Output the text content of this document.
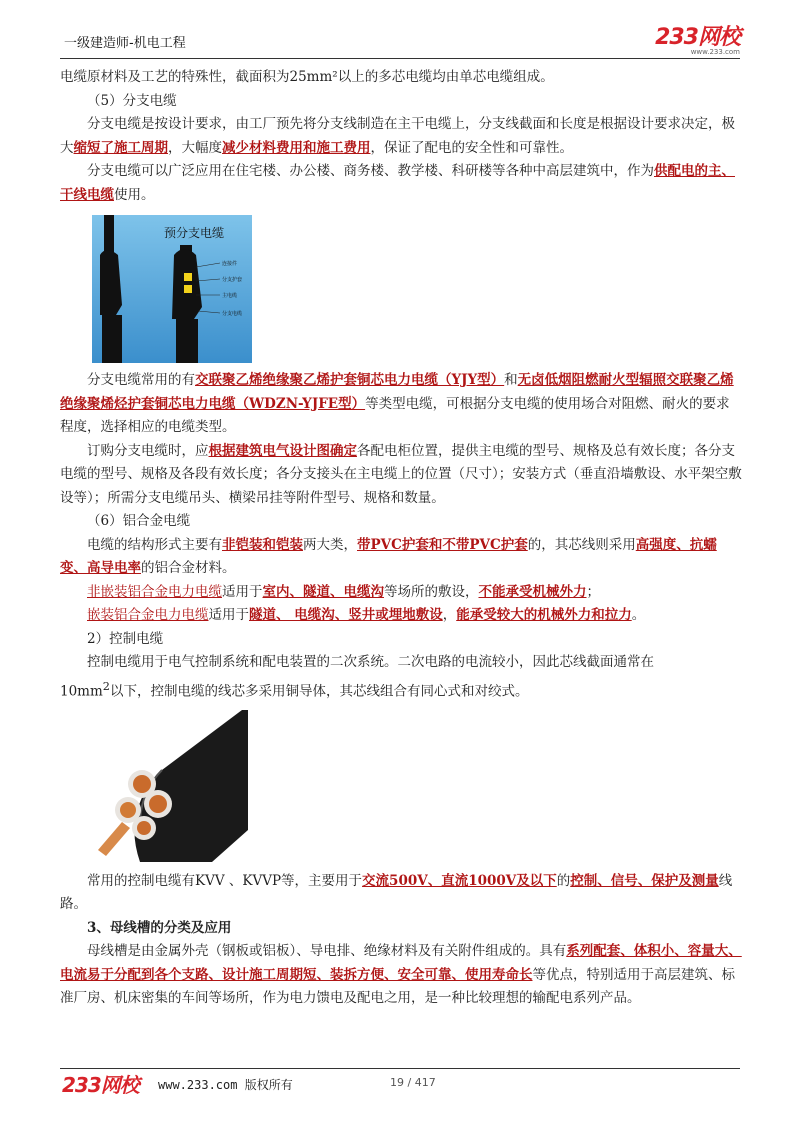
一级建造师-机电工程	233网校
www.233.com

电缆原材料及工艺的特殊性，截面积为25mm²以上的多芯电缆均由单芯电缆组成。

（5）分支电缆

分支电缆是按设计要求，由工厂预先将分支线制造在主干电缆上，分支线截面和长度是根据设计要求决定，极大缩短了施工周期，大幅度减少材料费用和施工费用，保证了配电的安全性和可靠性。

分支电缆可以广泛应用在住宅楼、办公楼、商务楼、教学楼、科研楼等各种中高层建筑中，作为供配电的主、干线电缆使用。

预分支电缆
连接件
分支护套
主电缆
分支电缆

分支电缆常用的有交联聚乙烯绝缘聚乙烯护套铜芯电力电缆（YJY型）和无卤低烟阻燃耐火型辐照交联聚乙烯绝缘聚烯烃护套铜芯电力电缆（WDZN-YJFE型）等类型电缆，可根据分支电缆的使用场合对阻燃、耐火的要求程度，选择相应的电缆类型。

订购分支电缆时，应根据建筑电气设计图确定各配电柜位置，提供主电缆的型号、规格及总有效长度；各分支电缆的型号、规格及各段有效长度；各分支接头在主电缆上的位置（尺寸）；安装方式（垂直沿墙敷设、水平架空敷设等）；所需分支电缆吊头、横梁吊挂等附件型号、规格和数量。

（6）铝合金电缆

电缆的结构形式主要有非铠装和铠装两大类，带PVC护套和不带PVC护套的，其芯线则采用高强度、抗蠕变、高导电率的铝合金材料。

非嵌装铝合金电力电缆适用于室内、隧道、电缆沟等场所的敷设，不能承受机械外力；

嵌装铝合金电力电缆适用于隧道、 电缆沟、竖井或埋地敷设，能承受较大的机械外力和拉力。

2）控制电缆

控制电缆用于电气控制系统和配电装置的二次系统。二次电路的电流较小，因此芯线截面通常在

$10mm^2$以下，控制电缆的线芯多采用铜导体，其芯线组合有同心式和对绞式。

常用的控制电缆有KVV 、KVVP等，主要用于交流500V、直流1000V及以下的控制、信号、保护及测量线路。

3、母线槽的分类及应用

母线槽是由金属外壳（钢板或铝板）、导电排、绝缘材料及有关附件组成的。具有系列配套、体积小、容量大、电流易于分配到各个支路、设计施工周期短、装拆方便、安全可靠、使用寿命长等优点，特别适用于高层建筑、标准厂房、机床密集的车间等场所，作为电力馈电及配电之用，是一种比较理想的输配电系列产品。

233网校 www.233.com 版权所有	19 / 417
